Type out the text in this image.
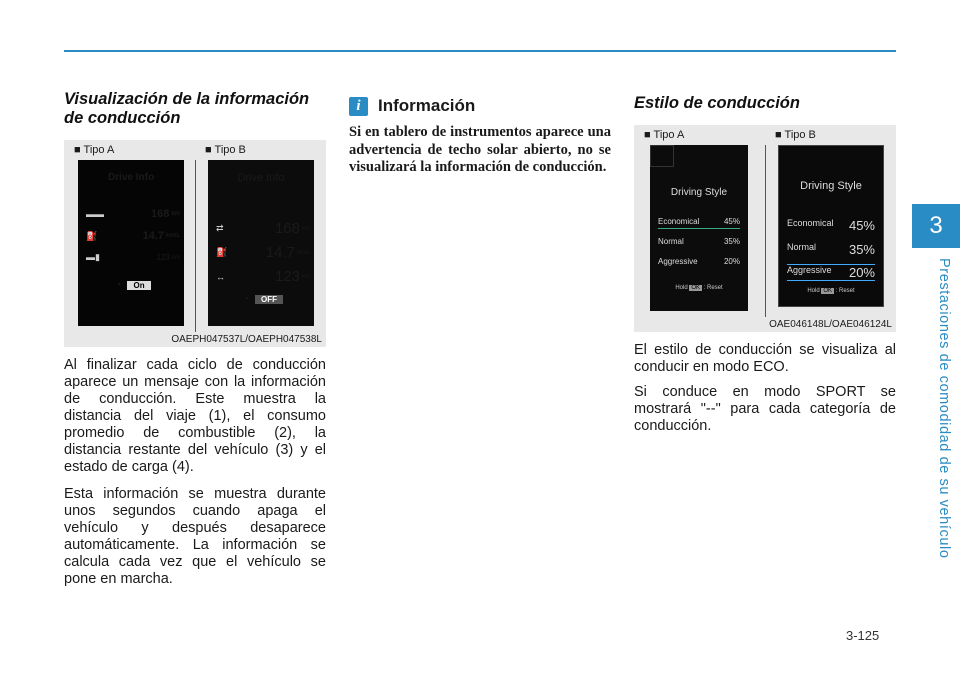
3
Prestaciones de comodidad de su vehículo
Visualización de la información de conducción
■ Tipo A	■ Tipo B
Drive Info
▬▬	168 km
⛽	14.7 km/L
▬▮	123 km
◔	On
Drive Info
⇄	168 km
⛽	14.7 km/L
↔	123 km
◔	OFF
OAEPH047537L/OAEPH047538L

Al finalizar cada ciclo de conducción aparece un mensaje con la información de conducción. Este muestra la distancia del viaje (1), el consumo promedio de combustible (2), la distancia restante del vehículo (3) y el estado de carga (4).

Esta información se muestra durante unos segundos cuando apaga el vehículo y después desaparece automáticamente. La información se calcula cada vez que el vehículo se pone en marcha.

i	Información

Si en tablero de instrumentos aparece una advertencia de techo solar abierto, no se visualizará la información de conducción.

Estilo de conducción
■ Tipo A	■ Tipo B
Driving Style
Economical	45%
Normal	35%
Aggressive	20%
Hold OK : Reset
Driving Style
Economical 45%
Normal	35%
Aggressive 20%
Hold OK : Reset
OAE046148L/OAE046124L

El estilo de conducción se visualiza al conducir en modo ECO.

Si conduce en modo SPORT se mostrará "--" para cada categoría de conducción.

3-125
